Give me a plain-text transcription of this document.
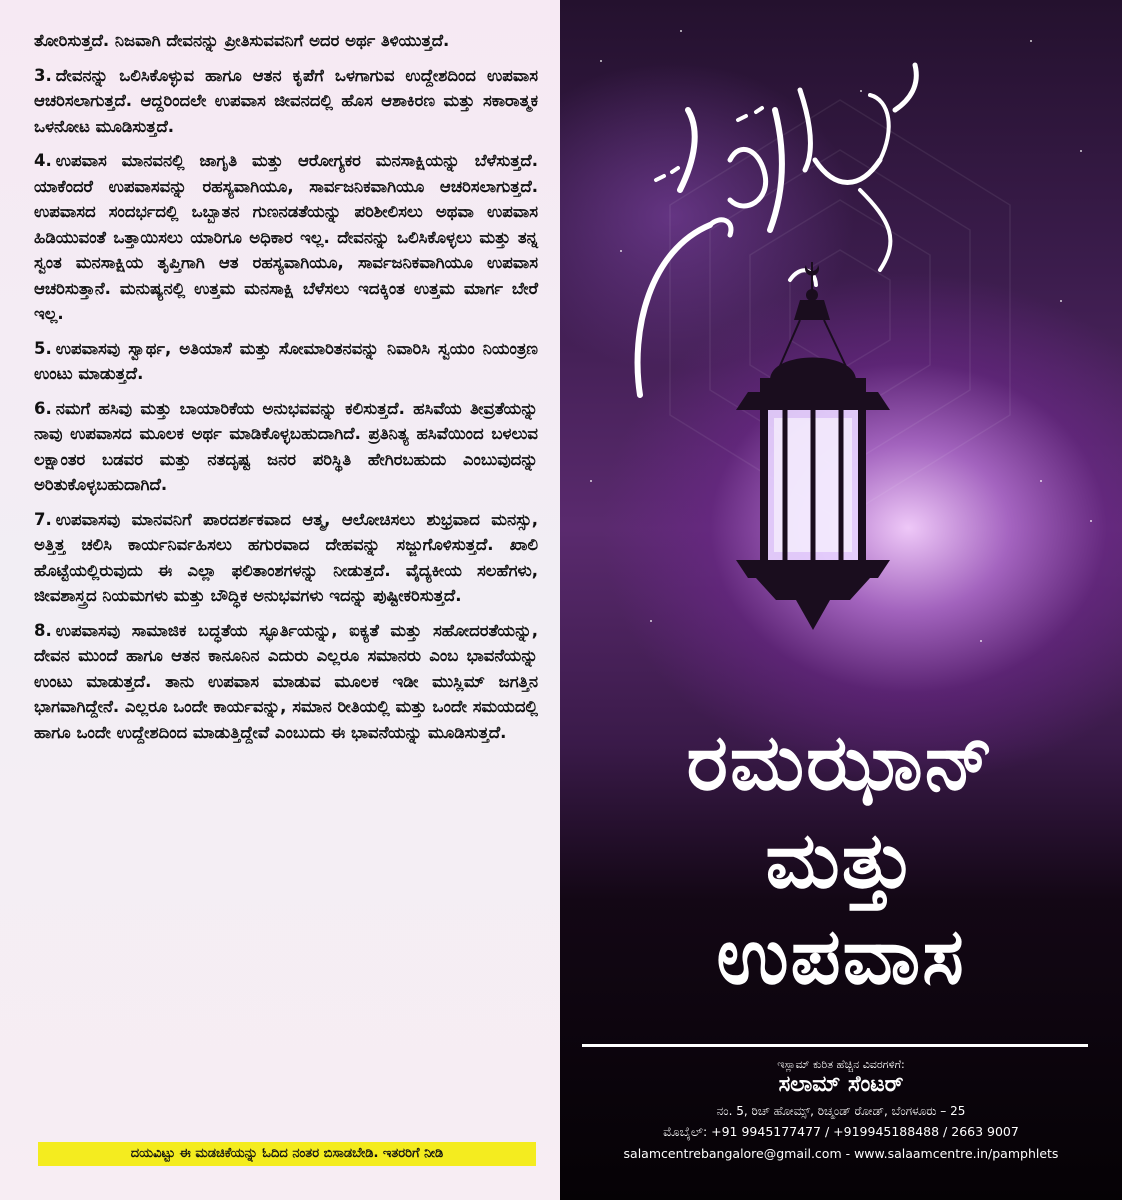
ತೋರಿಸುತ್ತದೆ. ನಿಜವಾಗಿ ದೇವನನ್ನು ಪ್ರೀತಿಸುವವನಿಗೆ ಅದರ ಅರ್ಥ ತಿಳಿಯುತ್ತದೆ.

3. ದೇವನನ್ನು ಒಲಿಸಿಕೊಳ್ಳುವ ಹಾಗೂ ಆತನ ಕೃಪೆಗೆ ಒಳಗಾಗುವ ಉದ್ದೇಶದಿಂದ ಉಪವಾಸ ಆಚರಿಸಲಾಗುತ್ತದೆ. ಆದ್ದರಿಂದಲೇ ಉಪವಾಸ ಜೀವನದಲ್ಲಿ ಹೊಸ ಆಶಾಕಿರಣ ಮತ್ತು ಸಕಾರಾತ್ಮಕ ಒಳನೋಟ ಮೂಡಿಸುತ್ತದೆ.

4. ಉಪವಾಸ ಮಾನವನಲ್ಲಿ ಜಾಗೃತಿ ಮತ್ತು ಆರೋಗ್ಯಕರ ಮನಸಾಕ್ಷಿಯನ್ನು ಬೆಳೆಸುತ್ತದೆ. ಯಾಕೆಂದರೆ ಉಪವಾಸವನ್ನು ರಹಸ್ಯವಾಗಿಯೂ, ಸಾರ್ವಜನಿಕವಾಗಿಯೂ ಆಚರಿಸಲಾಗುತ್ತದೆ. ಉಪವಾಸದ ಸಂದರ್ಭದಲ್ಲಿ ಒಬ್ಬಾತನ ಗುಣನಡತೆಯನ್ನು ಪರಿಶೀಲಿಸಲು ಅಥವಾ ಉಪವಾಸ ಹಿಡಿಯುವಂತೆ ಒತ್ತಾಯಿಸಲು ಯಾರಿಗೂ ಅಧಿಕಾರ ಇಲ್ಲ. ದೇವನನ್ನು ಒಲಿಸಿಕೊಳ್ಳಲು ಮತ್ತು ತನ್ನ ಸ್ವಂತ ಮನಸಾಕ್ಷಿಯ ತೃಪ್ತಿಗಾಗಿ ಆತ ರಹಸ್ಯವಾಗಿಯೂ, ಸಾರ್ವಜನಿಕವಾಗಿಯೂ ಉಪವಾಸ ಆಚರಿಸುತ್ತಾನೆ. ಮನುಷ್ಯನಲ್ಲಿ ಉತ್ತಮ ಮನಸಾಕ್ಷಿ ಬೆಳೆಸಲು ಇದಕ್ಕಿಂತ ಉತ್ತಮ ಮಾರ್ಗ ಬೇರೆ ಇಲ್ಲ.

5. ಉಪವಾಸವು ಸ್ವಾರ್ಥ, ಅತಿಯಾಸೆ ಮತ್ತು ಸೋಮಾರಿತನವನ್ನು ನಿವಾರಿಸಿ ಸ್ವಯಂ ನಿಯಂತ್ರಣ ಉಂಟು ಮಾಡುತ್ತದೆ.

6. ನಮಗೆ ಹಸಿವು ಮತ್ತು ಬಾಯಾರಿಕೆಯ ಅನುಭವವನ್ನು ಕಲಿಸುತ್ತದೆ. ಹಸಿವೆಯ ತೀವ್ರತೆಯನ್ನು ನಾವು ಉಪವಾಸದ ಮೂಲಕ ಅರ್ಥ ಮಾಡಿಕೊಳ್ಳಬಹುದಾಗಿದೆ. ಪ್ರತಿನಿತ್ಯ ಹಸಿವೆಯಿಂದ ಬಳಲುವ ಲಕ್ಷಾಂತರ ಬಡವರ ಮತ್ತು ನತದೃಷ್ಟ ಜನರ ಪರಿಸ್ಥಿತಿ ಹೇಗಿರಬಹುದು ಎಂಬುವುದನ್ನು ಅರಿತುಕೊಳ್ಳಬಹುದಾಗಿದೆ.

7. ಉಪವಾಸವು ಮಾನವನಿಗೆ ಪಾರದರ್ಶಕವಾದ ಆತ್ಮ, ಆಲೋಚಿಸಲು ಶುಭ್ರವಾದ ಮನಸ್ಸು, ಅತ್ತಿತ್ತ ಚಲಿಸಿ ಕಾರ್ಯನಿರ್ವಹಿಸಲು ಹಗುರವಾದ ದೇಹವನ್ನು ಸಜ್ಜುಗೊಳಿಸುತ್ತದೆ. ಖಾಲಿ ಹೊಟ್ಟೆಯಲ್ಲಿರುವುದು ಈ ಎಲ್ಲಾ ಫಲಿತಾಂಶಗಳನ್ನು ನೀಡುತ್ತದೆ. ವೈದ್ಯಕೀಯ ಸಲಹೆಗಳು, ಜೀವಶಾಸ್ತ್ರದ ನಿಯಮಗಳು ಮತ್ತು ಬೌದ್ಧಿಕ ಅನುಭವಗಳು ಇದನ್ನು ಪುಷ್ಟೀಕರಿಸುತ್ತದೆ.

8. ಉಪವಾಸವು ಸಾಮಾಜಿಕ ಬದ್ಧತೆಯ ಸ್ಫೂರ್ತಿಯನ್ನು, ಐಕ್ಯತೆ ಮತ್ತು ಸಹೋದರತೆಯನ್ನು, ದೇವನ ಮುಂದೆ ಹಾಗೂ ಆತನ ಕಾನೂನಿನ ಎದುರು ಎಲ್ಲರೂ ಸಮಾನರು ಎಂಬ ಭಾವನೆಯನ್ನು ಉಂಟು ಮಾಡುತ್ತದೆ. ತಾನು ಉಪವಾಸ ಮಾಡುವ ಮೂಲಕ ಇಡೀ ಮುಸ್ಲಿಮ್ ಜಗತ್ತಿನ ಭಾಗವಾಗಿದ್ದೇನೆ. ಎಲ್ಲರೂ ಒಂದೇ ಕಾರ್ಯವನ್ನು, ಸಮಾನ ರೀತಿಯಲ್ಲಿ ಮತ್ತು ಒಂದೇ ಸಮಯದಲ್ಲಿ ಹಾಗೂ ಒಂದೇ ಉದ್ದೇಶದಿಂದ ಮಾಡುತ್ತಿದ್ದೇವೆ ಎಂಬುದು ಈ ಭಾವನೆಯನ್ನು ಮೂಡಿಸುತ್ತದೆ.

ದಯವಿಟ್ಟು ಈ ಮಡಚಿಕೆಯನ್ನು ಓದಿದ ನಂತರ ಬಿಸಾಡಬೇಡಿ. ಇತರರಿಗೆ ನೀಡಿ
ರಮಝಾನ್
ಮತ್ತು
ಉಪವಾಸ
ಇಸ್ಲಾಮ್ ಕುರಿತ ಹೆಚ್ಚಿನ ವಿವರಗಳಿಗೆ:
ಸಲಾಮ್ ಸೆಂಟರ್
ನಂ. 5, ರಿಚ್ ಹೋಮ್ಸ್, ರಿಚ್ಮಂಡ್ ರೋಡ್, ಬೆಂಗಳೂರು – 25
ಮೊಬೈಲ್: +91 9945177477 / +919945188488 / 2663 9007
salamcentrebangalore@gmail.com - www.salaamcentre.in/pamphlets
